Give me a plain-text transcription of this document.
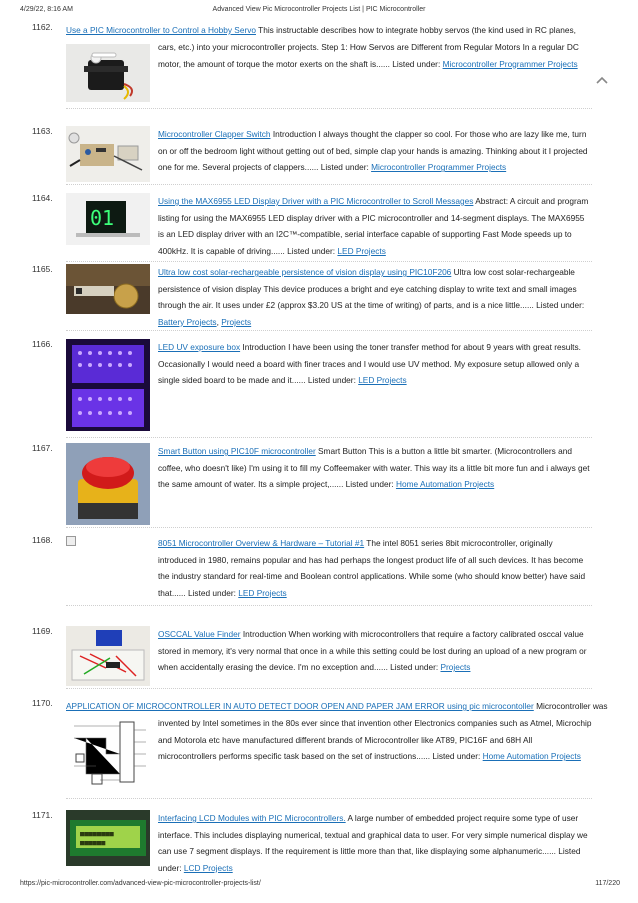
4/29/22, 8:16 AM	Advanced View Pic Microcontroller Projects List | PIC Microcontroller
1162. Use a PIC Microcontroller to Control a Hobby Servo This instructable describes how to integrate hobby servos (the kind used in RC planes,
cars, etc.) into your microcontroller projects. Step 1: How Servos are Different from Regular Motors In a regular DC motor, the amount of torque the motor exerts on the shaft is...... Listed under: Microcontroller Programmer Projects
1163.	Microcontroller Clapper Switch Introduction I always thought the clapper so cool. For those who are lazy like me, turn on or off the bedroom light without getting out of bed, simple clap your hands is amazing. Thinking about it I projected one for me. Several projects of clappers...... Listed under: Microcontroller Programmer Projects
1164.
01
Using the MAX6955 LED Display Driver with a PIC Microcontroller to Scroll Messages Abstract: A circuit and program listing for using the MAX6955 LED display driver with a PIC microcontroller and 14-segment displays. The MAX6955 is an LED display driver with an I2C™-compatible, serial interface capable of supporting Fast Mode speeds up to 400kHz. It is capable of driving...... Listed under: LED Projects
1165.	Ultra low cost solar-rechargeable persistence of vision display using PIC10F206 Ultra low cost solar-rechargeable persistence of vision display This device produces a bright and eye catching display to write text and small images through the air. It uses under £2 (approx $3.20 US at the time of writing) of parts, and is a nice little...... Listed under: Battery Projects, Projects
1166.	LED UV exposure box Introduction I have been using the toner transfer method for about 9 years with great results. Occasionally I would need a board with finer traces and I would use UV method. My exposure setup allowed only a single sided board to be made and it...... Listed under: LED Projects
1167.	Smart Button using PIC10F microcontroller Smart Button This is a button a little bit smarter. (Microcontrollers and coffee, who doesn't like) I'm using it to fill my Coffeemaker with water. This way its a little bit more fun and i always get the same amount of water. Its a simple project,...... Listed under: Home Automation Projects
1168.	8051 Microcontroller Overview & Hardware – Tutorial #1 The intel 8051 series 8bit microcontroller, originally introduced in 1980, remains popular and has had perhaps the longest product life of all such devices. It has become the industry standard for real-time and Boolean control applications. While some (who should know better) have said that...... Listed under: LED Projects
1169.	OSCCAL Value Finder Introduction When working with microcontrollers that require a factory calibrated osccal value stored in memory, it's very normal that once in a while this setting could be lost during an upload of a new program or when accidentally erasing the device. I'm no exception and...... Listed under: Projects
1170. APPLICATION OF MICROCONTROLLER IN AUTO DETECT DOOR OPEN AND PAPER JAM ERROR using pic microcontoller Microcontroller was
invented by Intel sometimes in the 80s ever since that invention other Electronics companies such as Atmel, Microchip and Motorola etc have manufactured different brands of Microcontroller like AT89, PIC16F and 68H All microcontrollers performs specific task based on the set of instructions...... Listed under: Home Automation Projects
1171.
■■■■■■■■
■■■■■■
Interfacing LCD Modules with PIC Microcontrollers. A large number of embedded project require some type of user interface. This includes displaying numerical, textual and graphical data to user. For very simple numerical display we can use 7 segment displays. If the requirement is little more than that, like displaying some alphanumeric...... Listed under: LCD Projects
https://pic-microcontroller.com/advanced-view-pic-microcontroller-projects-list/	117/220
